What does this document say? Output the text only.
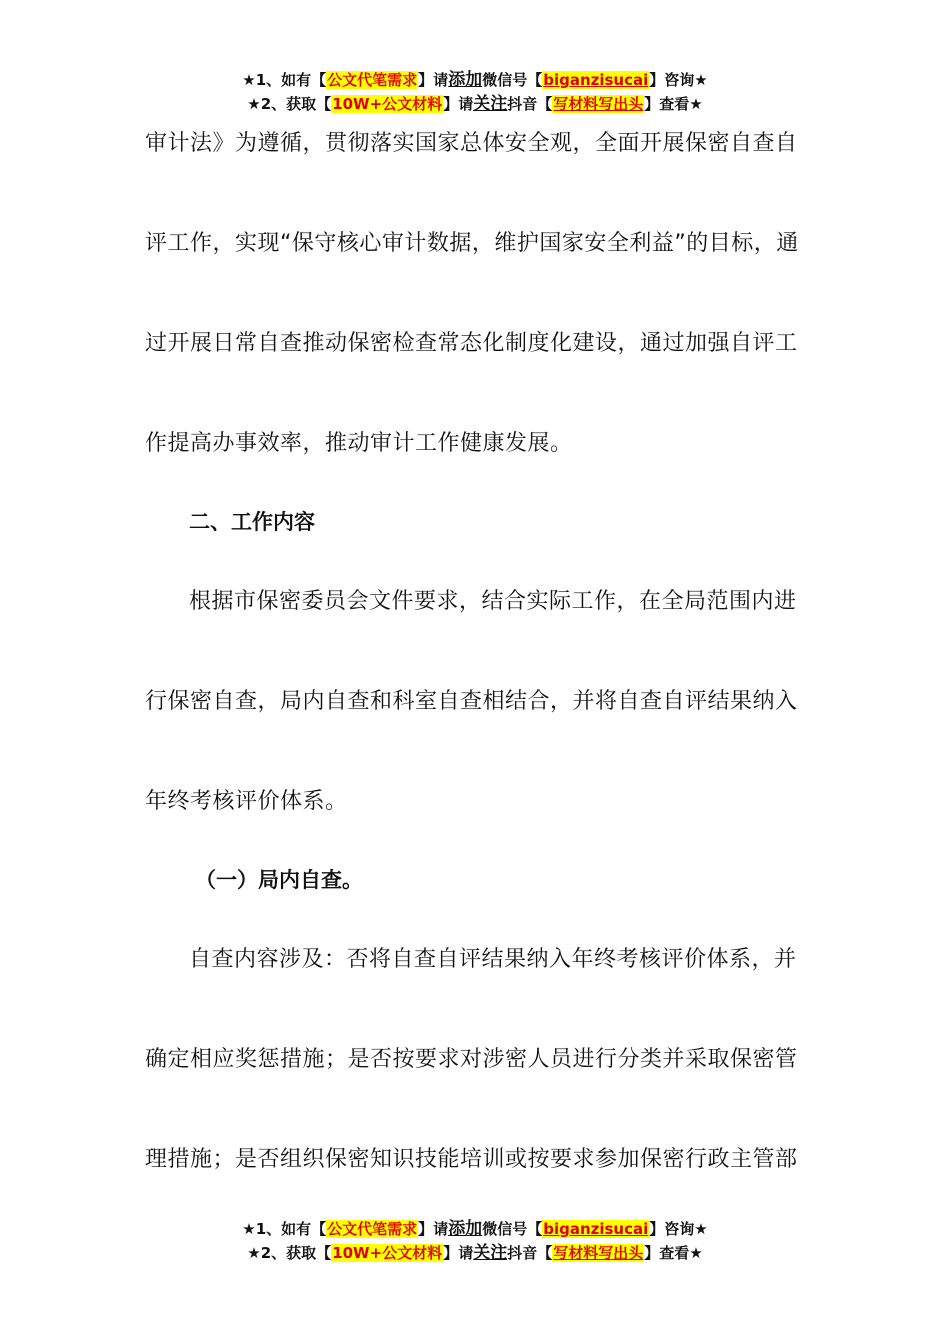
★1、如有【公文代笔需求】请添加微信号【biganzisucai】咨询★
★2、获取【10W+公文材料】请关注抖音【写材料写出头】查看★
审计法》为遵循，贯彻落实国家总体安全观，全面开展保密自查自评工作，实现“保守核心审计数据，维护国家安全利益”的目标，通过开展日常自查推动保密检查常态化制度化建设，通过加强自评工作提高办事效率，推动审计工作健康发展。
二、工作内容
根据市保密委员会文件要求，结合实际工作，在全局范围内进行保密自查，局内自查和科室自查相结合，并将自查自评结果纳入年终考核评价体系。
（一）局内自查。
自查内容涉及：否将自查自评结果纳入年终考核评价体系，并确定相应奖惩措施；是否按要求对涉密人员进行分类并采取保密管理措施；是否组织保密知识技能培训或按要求参加保密行政主管部
★1、如有【公文代笔需求】请添加微信号【biganzisucai】咨询★
★2、获取【10W+公文材料】请关注抖音【写材料写出头】查看★
